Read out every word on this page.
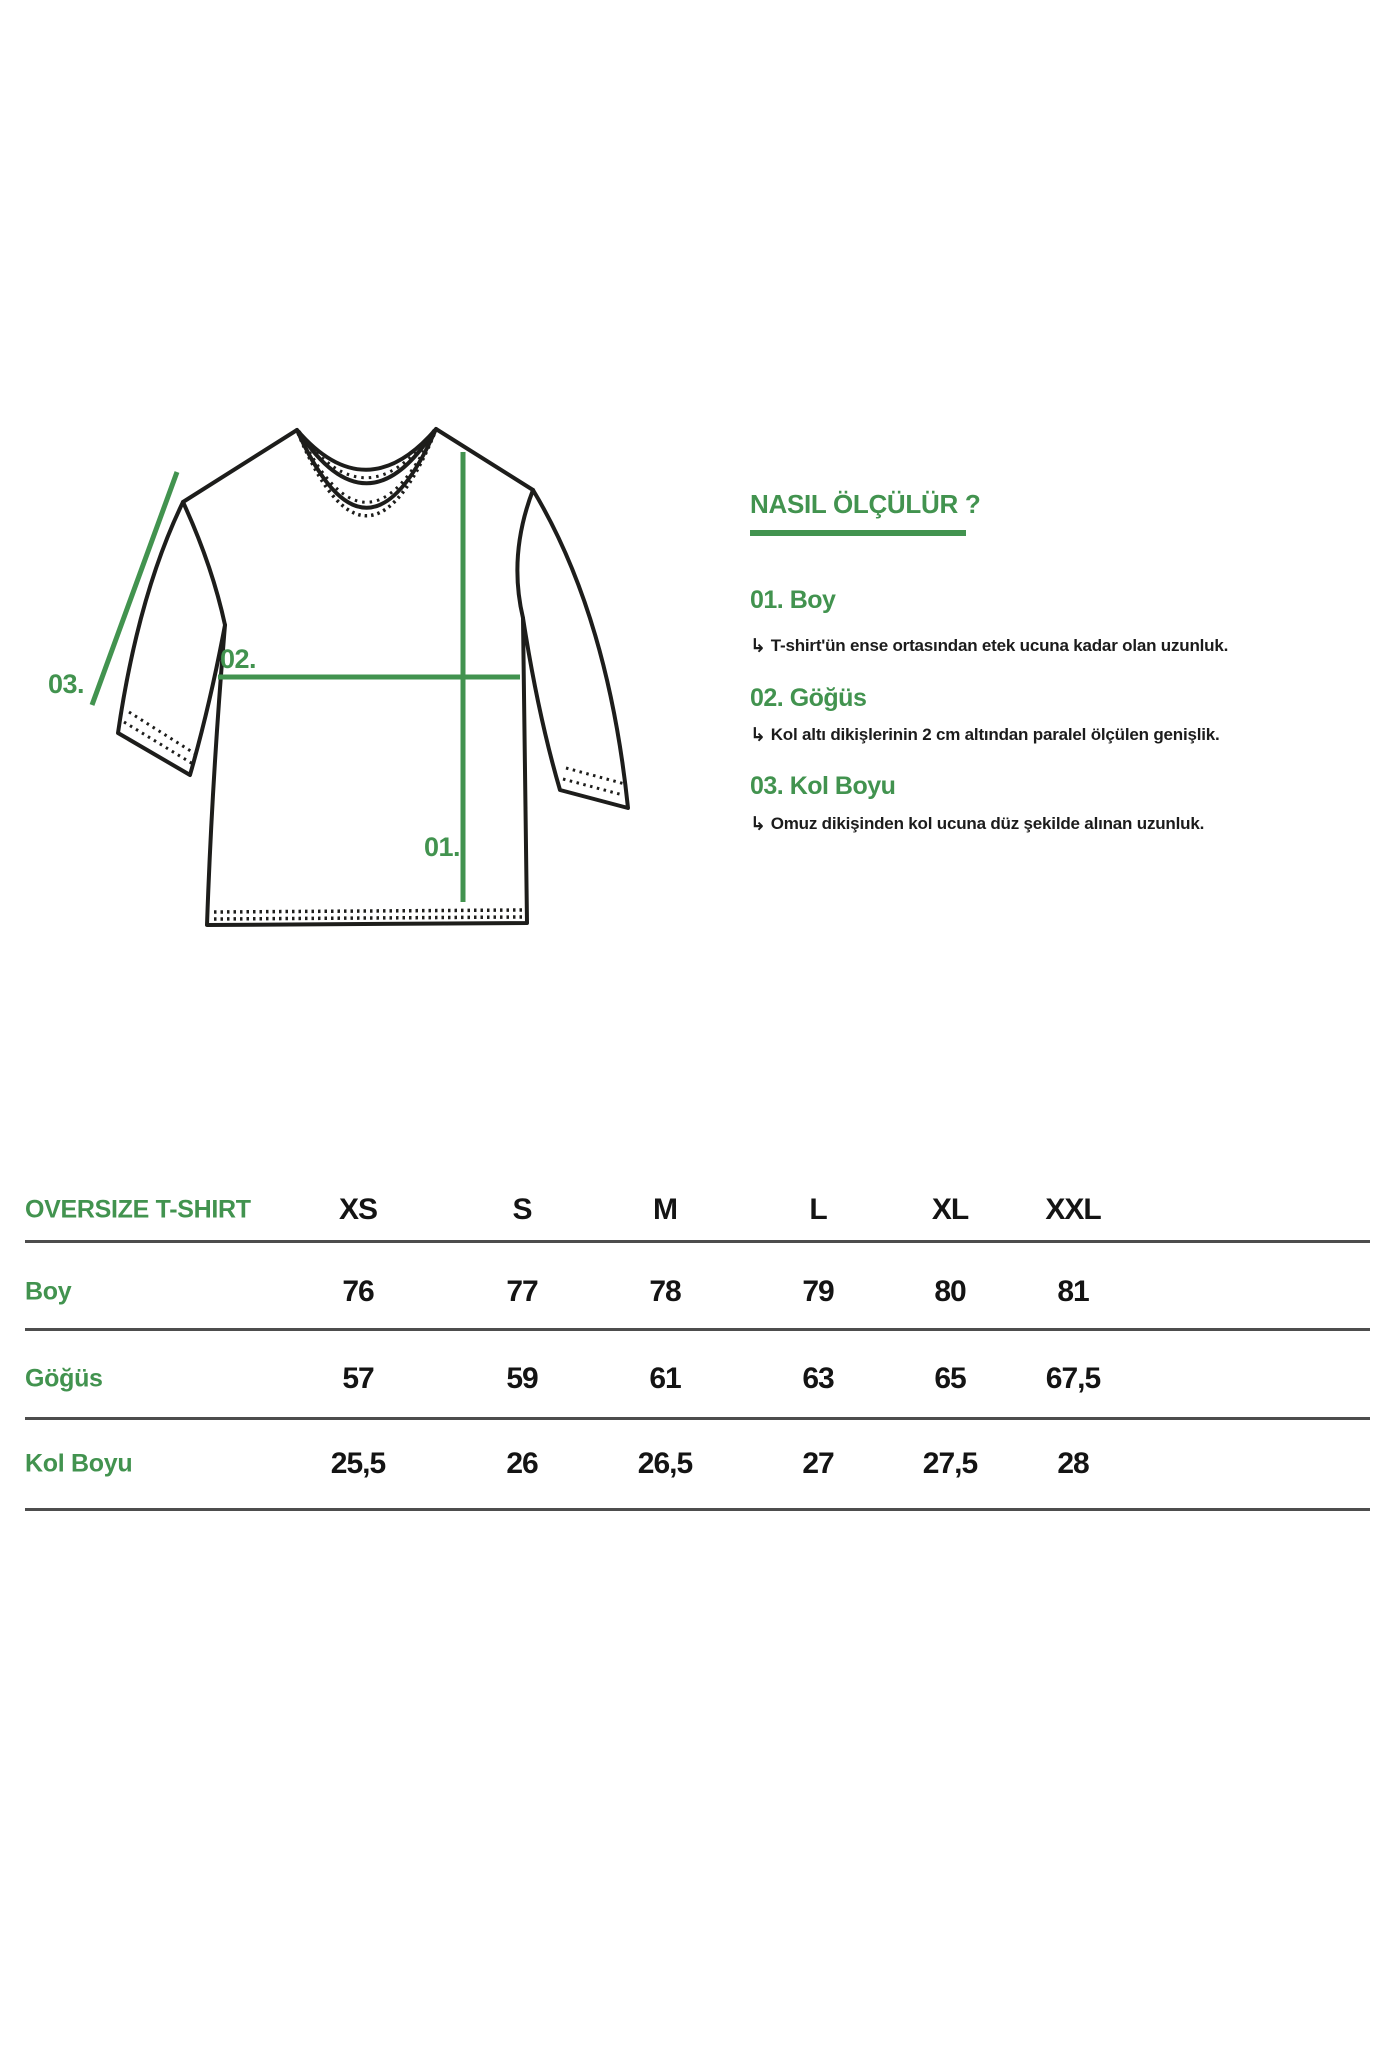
01.
02.
03.
NASIL ÖLÇÜLÜR ?
01. Boy
↳ T-shirt'ün ense ortasından etek ucuna kadar olan uzunluk.
02. Göğüs
↳ Kol altı dikişlerinin 2 cm altından paralel ölçülen genişlik.
03. Kol Boyu
↳ Omuz dikişinden kol ucuna düz şekilde alınan uzunluk.
OVERSIZE T-SHIRT	XS	S	M	L	XL	XXL
Boy	76	77	78	79	80	81
Göğüs	57	59	61	63	65	67,5
Kol Boyu	25,5	26	26,5	27	27,5	28
